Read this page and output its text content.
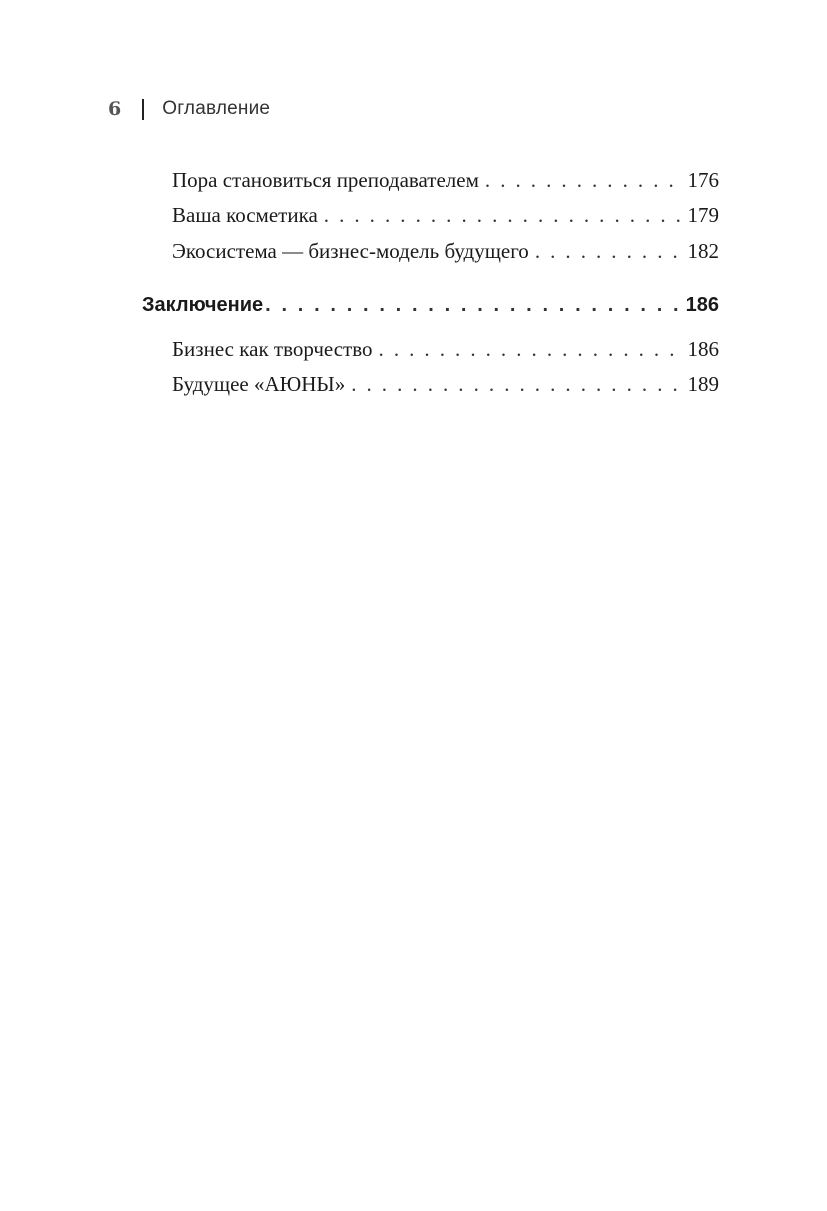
6 Оглавление
Пора становиться преподавателем . . .	176
Ваша косметика . . .	179
Экосистема — бизнес-модель будущего . . .	182
Заключение . . .	186
Бизнес как творчество . . .	186
Будущее «АЮНЫ» . . .	189
